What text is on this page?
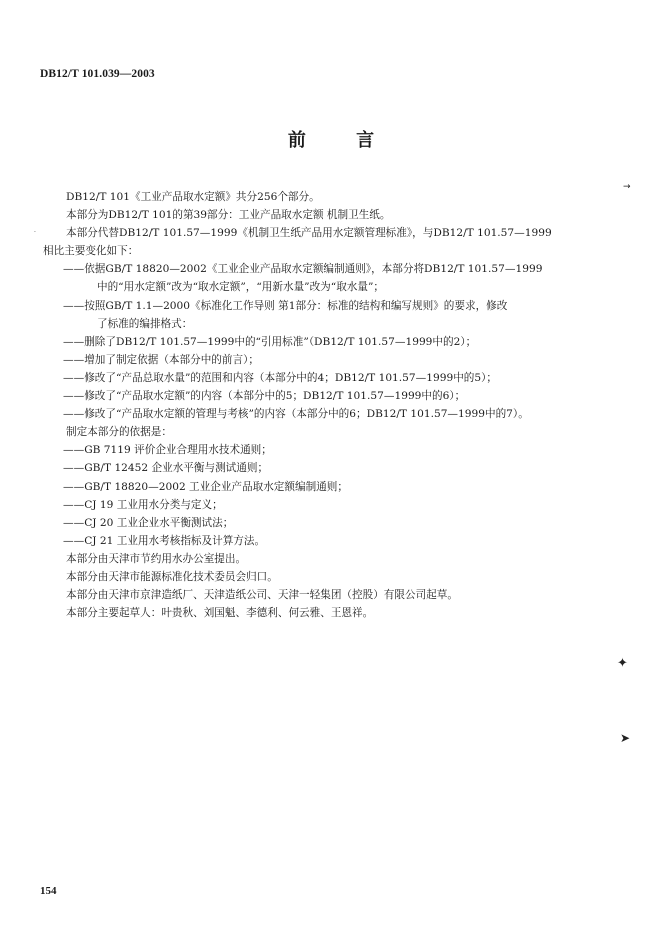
DB12/T 101.039—2003
前 言
DB12/T 101《工业产品取水定额》共分256个部分。
本部分为DB12/T 101的第39部分：工业产品取水定额 机制卫生纸。
本部分代替DB12/T 101.57—1999《机制卫生纸产品用水定额管理标准》，与DB12/T 101.57—1999
相比主要变化如下：
——依据GB/T 18820—2002《工业企业产品取水定额编制通则》，本部分将DB12/T 101.57—1999
中的“用水定额”改为“取水定额”，“用新水量”改为“取水量”；
——按照GB/T 1.1—2000《标准化工作导则 第1部分：标准的结构和编写规则》的要求，修改
了标准的编排格式：
——删除了DB12/T 101.57—1999中的“引用标准”（DB12/T 101.57—1999中的2）；
——增加了制定依据（本部分中的前言）；
——修改了“产品总取水量”的范围和内容（本部分中的4；DB12/T 101.57—1999中的5）；
——修改了“产品取水定额”的内容（本部分中的5；DB12/T 101.57—1999中的6）；
——修改了“产品取水定额的管理与考核”的内容（本部分中的6；DB12/T 101.57—1999中的7）。
制定本部分的依据是：
——GB 7119 评价企业合理用水技术通则；
——GB/T 12452 企业水平衡与测试通则；
——GB/T 18820—2002 工业企业产品取水定额编制通则；
——CJ 19 工业用水分类与定义；
——CJ 20 工业企业水平衡测试法；
——CJ 21 工业用水考核指标及计算方法。
本部分由天津市节约用水办公室提出。
本部分由天津市能源标准化技术委员会归口。
本部分由天津市京津造纸厂、天津造纸公司、天津一轻集团（控股）有限公司起草。
本部分主要起草人：叶贵秋、刘国魁、李德利、何云雅、王恩祥。
154
→
✦
➤
·
